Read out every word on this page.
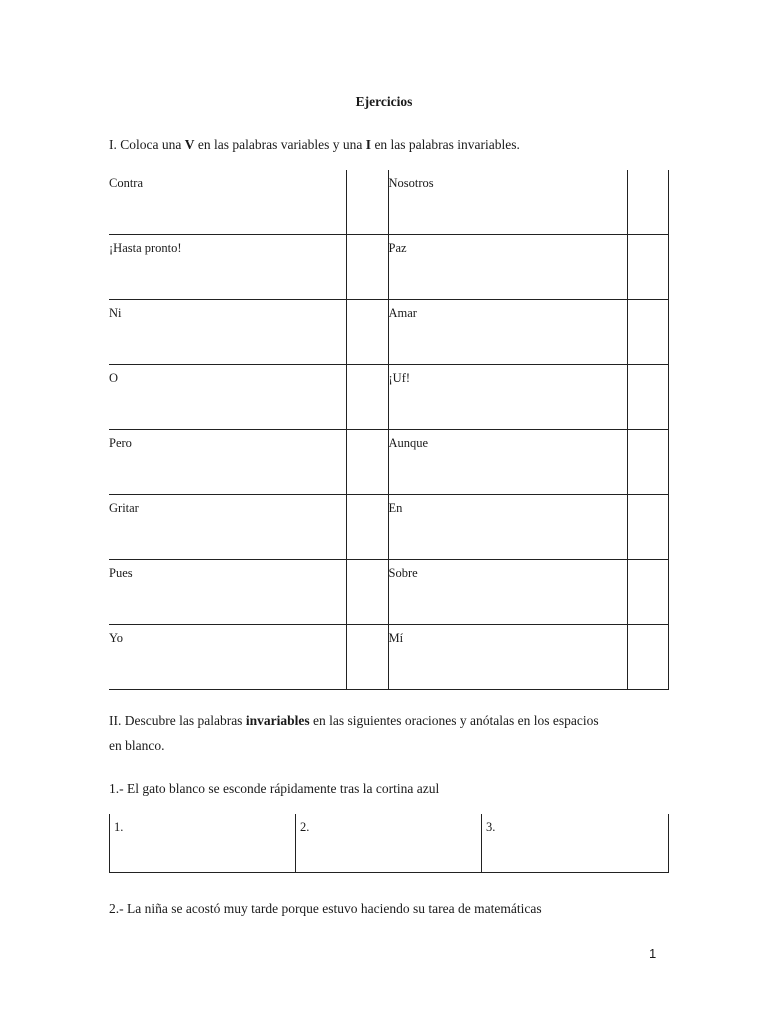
Ejercicios
I. Coloca una V en las palabras variables y una I en las palabras invariables.
Contra		Nosotros	
¡Hasta pronto!		Paz	
Ni		Amar	
O		¡Uf!	
Pero		Aunque	
Gritar		En	
Pues		Sobre	
Yo		Mí	
II. Descubre las palabras invariables en las siguientes oraciones y anótalas en los espacios
en blanco.
1.- El gato blanco se esconde rápidamente tras la cortina azul
1.	2.	3.
2.- La niña se acostó muy tarde porque estuvo haciendo su tarea de matemáticas
1
